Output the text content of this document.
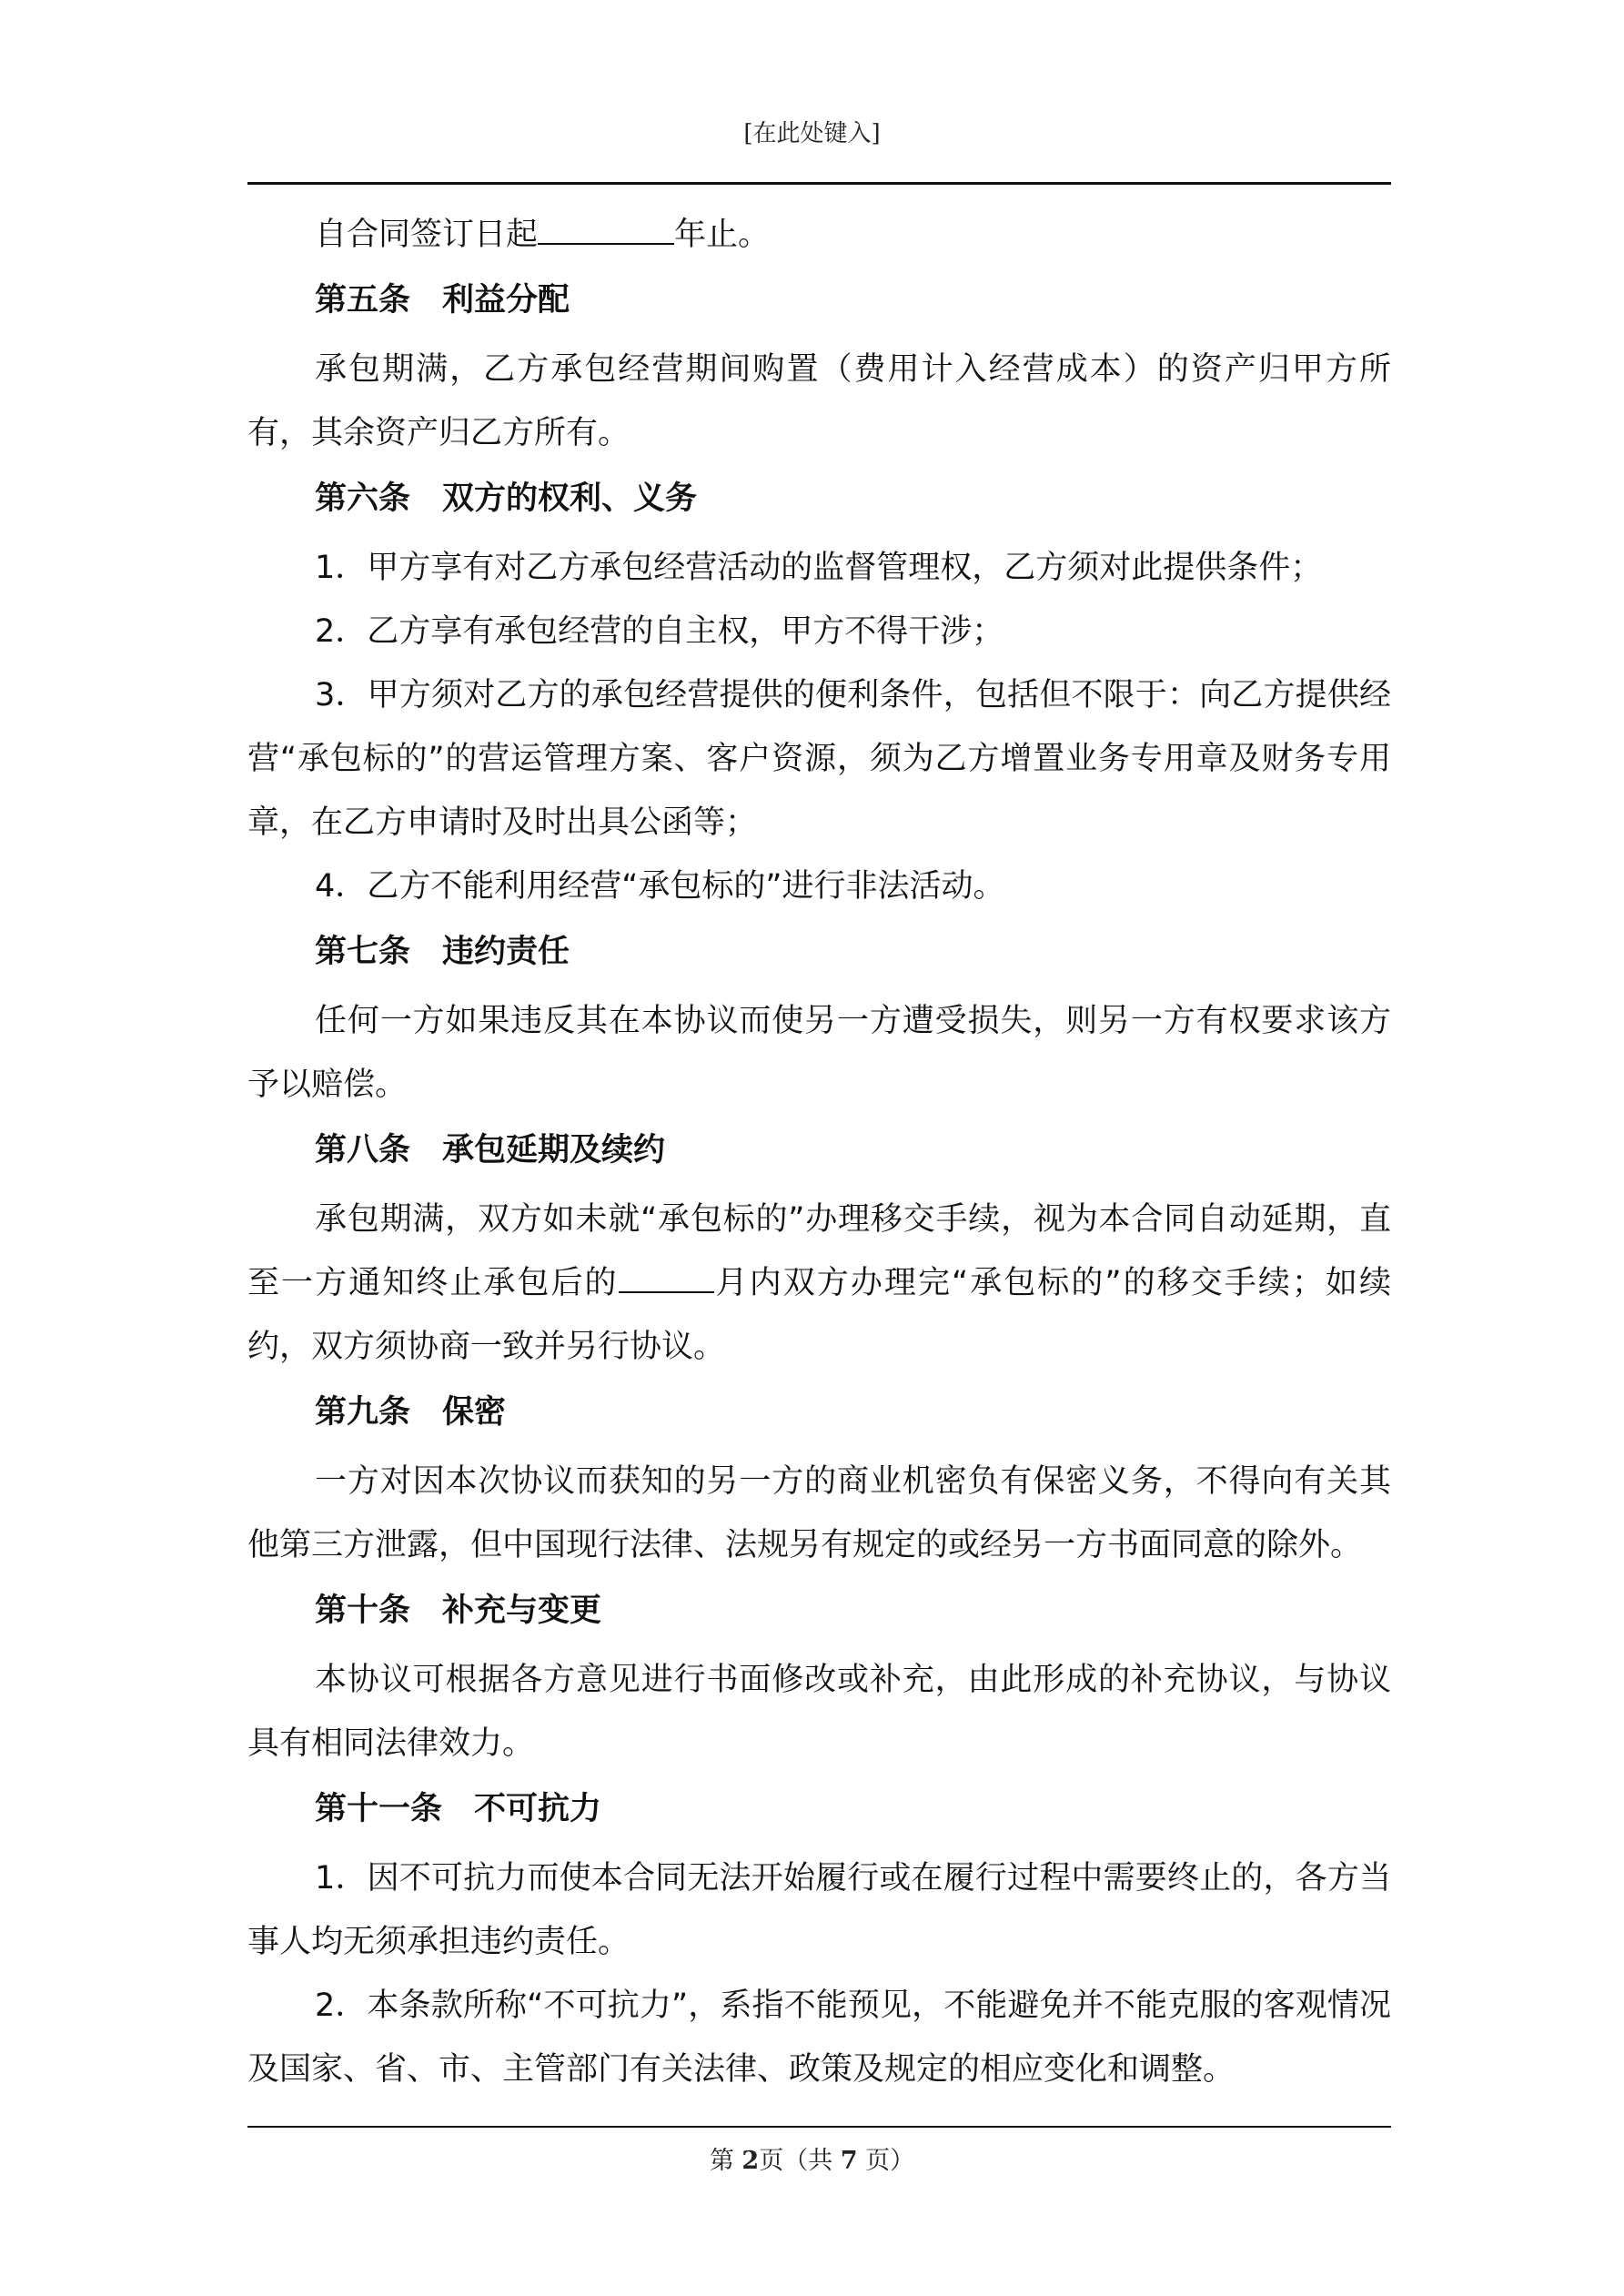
[在此处键入]

自合同签订日起	年止。

第五条　利益分配

承包期满，乙方承包经营期间购置（费用计入经营成本）的资产归甲方所有，其余资产归乙方所有。

第六条　双方的权利、义务

1．甲方享有对乙方承包经营活动的监督管理权，乙方须对此提供条件；

2．乙方享有承包经营的自主权，甲方不得干涉；

3．甲方须对乙方的承包经营提供的便利条件，包括但不限于：向乙方提供经营“承包标的”的营运管理方案、客户资源，须为乙方增置业务专用章及财务专用章，在乙方申请时及时出具公函等；

4．乙方不能利用经营“承包标的”进行非法活动。

第七条　违约责任

任何一方如果违反其在本协议而使另一方遭受损失，则另一方有权要求该方予以赔偿。

第八条　承包延期及续约

承包期满，双方如未就“承包标的”办理移交手续，视为本合同自动延期，直至一方通知终止承包后的	月内双方办理完“承包标的”的移交手续；如续约，双方须协商一致并另行协议。

第九条　保密

一方对因本次协议而获知的另一方的商业机密负有保密义务，不得向有关其他第三方泄露，但中国现行法律、法规另有规定的或经另一方书面同意的除外。

第十条　补充与变更

本协议可根据各方意见进行书面修改或补充，由此形成的补充协议，与协议具有相同法律效力。

第十一条　不可抗力

1．因不可抗力而使本合同无法开始履行或在履行过程中需要终止的，各方当事人均无须承担违约责任。

2．本条款所称“不可抗力”，系指不能预见，不能避免并不能克服的客观情况及国家、省、市、主管部门有关法律、政策及规定的相应变化和调整。

第 2页（共 7 页）
